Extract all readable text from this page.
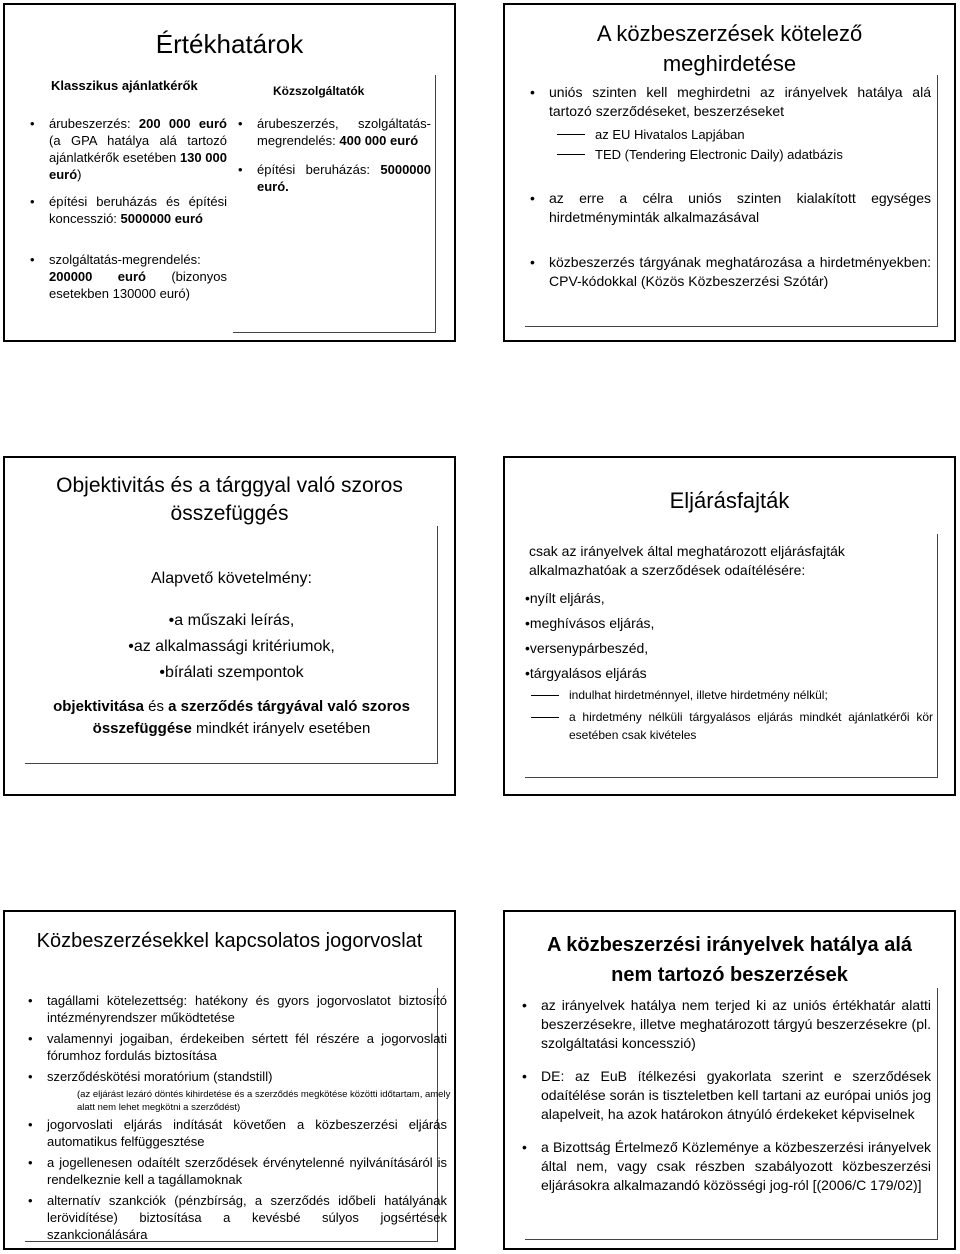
Értékhatárok
Klasszikus ajánlatkérők
• árubeszerzés: 200 000 euró (a GPA hatálya alá tartozó ajánlatkérők esetében 130 000 euró)
• építési beruházás és építési koncesszió: 5000000 euró
• szolgáltatás-megrendelés: 200000 euró (bizonyos esetekben 130000 euró)
Közszolgáltatók
• árubeszerzés, szolgáltatás-megrendelés: 400 000 euró
• építési beruházás: 5000000 euró.
A közbeszerzések kötelező meghirdetése
• uniós szinten kell meghirdetni az irányelvek hatálya alá tartozó szerződéseket, beszerzéseket
az EU Hivatalos Lapjában
TED (Tendering Electronic Daily) adatbázis
• az erre a célra uniós szinten kialakított egységes hirdetményminták alkalmazásával
• közbeszerzés tárgyának meghatározása a hirdetményekben: CPV-kódokkal (Közös Közbeszerzési Szótár)
Objektivitás és a tárggyal való szoros összefüggés
Alapvető követelmény:
•a műszaki leírás,
•az alkalmassági kritériumok,
•bírálati szempontok
objektivitása és a szerződés tárgyával való szoros összefüggése mindkét irányelv esetében
Eljárásfajták
csak az irányelvek által meghatározott eljárásfajták alkalmazhatóak a szerződések odaítélésére:
•nyílt eljárás,
•meghívásos eljárás,
•versenypárbeszéd,
•tárgyalásos eljárás
indulhat hirdetménnyel, illetve hirdetmény nélkül;
a hirdetmény nélküli tárgyalásos eljárás mindkét ajánlatkérői kör esetében csak kivételes
Közbeszerzésekkel kapcsolatos jogorvoslat
• tagállami kötelezettség: hatékony és gyors jogorvoslatot biztosító intézményrendszer működtetése
• valamennyi jogaiban, érdekeiben sértett fél részére a jogorvoslati fórumhoz fordulás biztosítása
• szerződéskötési moratórium (standstill)
(az eljárást lezáró döntés kihirdetése és a szerződés megkötése közötti időtartam, amely alatt nem lehet megkötni a szerződést)
• jogorvoslati eljárás indítását követően a közbeszerzési eljárás automatikus felfüggesztése
• a jogellenesen odaítélt szerződések érvénytelenné nyilvánításáról is rendelkeznie kell a tagállamoknak
• alternatív szankciók (pénzbírság, a szerződés időbeli hatályának lerövidítése) biztosítása a kevésbé súlyos jogsértések szankcionálására
A közbeszerzési irányelvek hatálya alá nem tartozó beszerzések
• az irányelvek hatálya nem terjed ki az uniós értékhatár alatti beszerzésekre, illetve meghatározott tárgyú beszerzésekre (pl. szolgáltatási koncesszió)
• DE: az EuB ítélkezési gyakorlata szerint e szerződések odaítélése során is tiszteletben kell tartani az európai uniós jog alapelveit, ha azok határokon átnyúló érdekeket képviselnek
• a Bizottság Értelmező Közleménye a közbeszerzési irányelvek által nem, vagy csak részben szabályozott közbeszerzési eljárásokra alkalmazandó közösségi jog-ról [(2006/C 179/02)]
